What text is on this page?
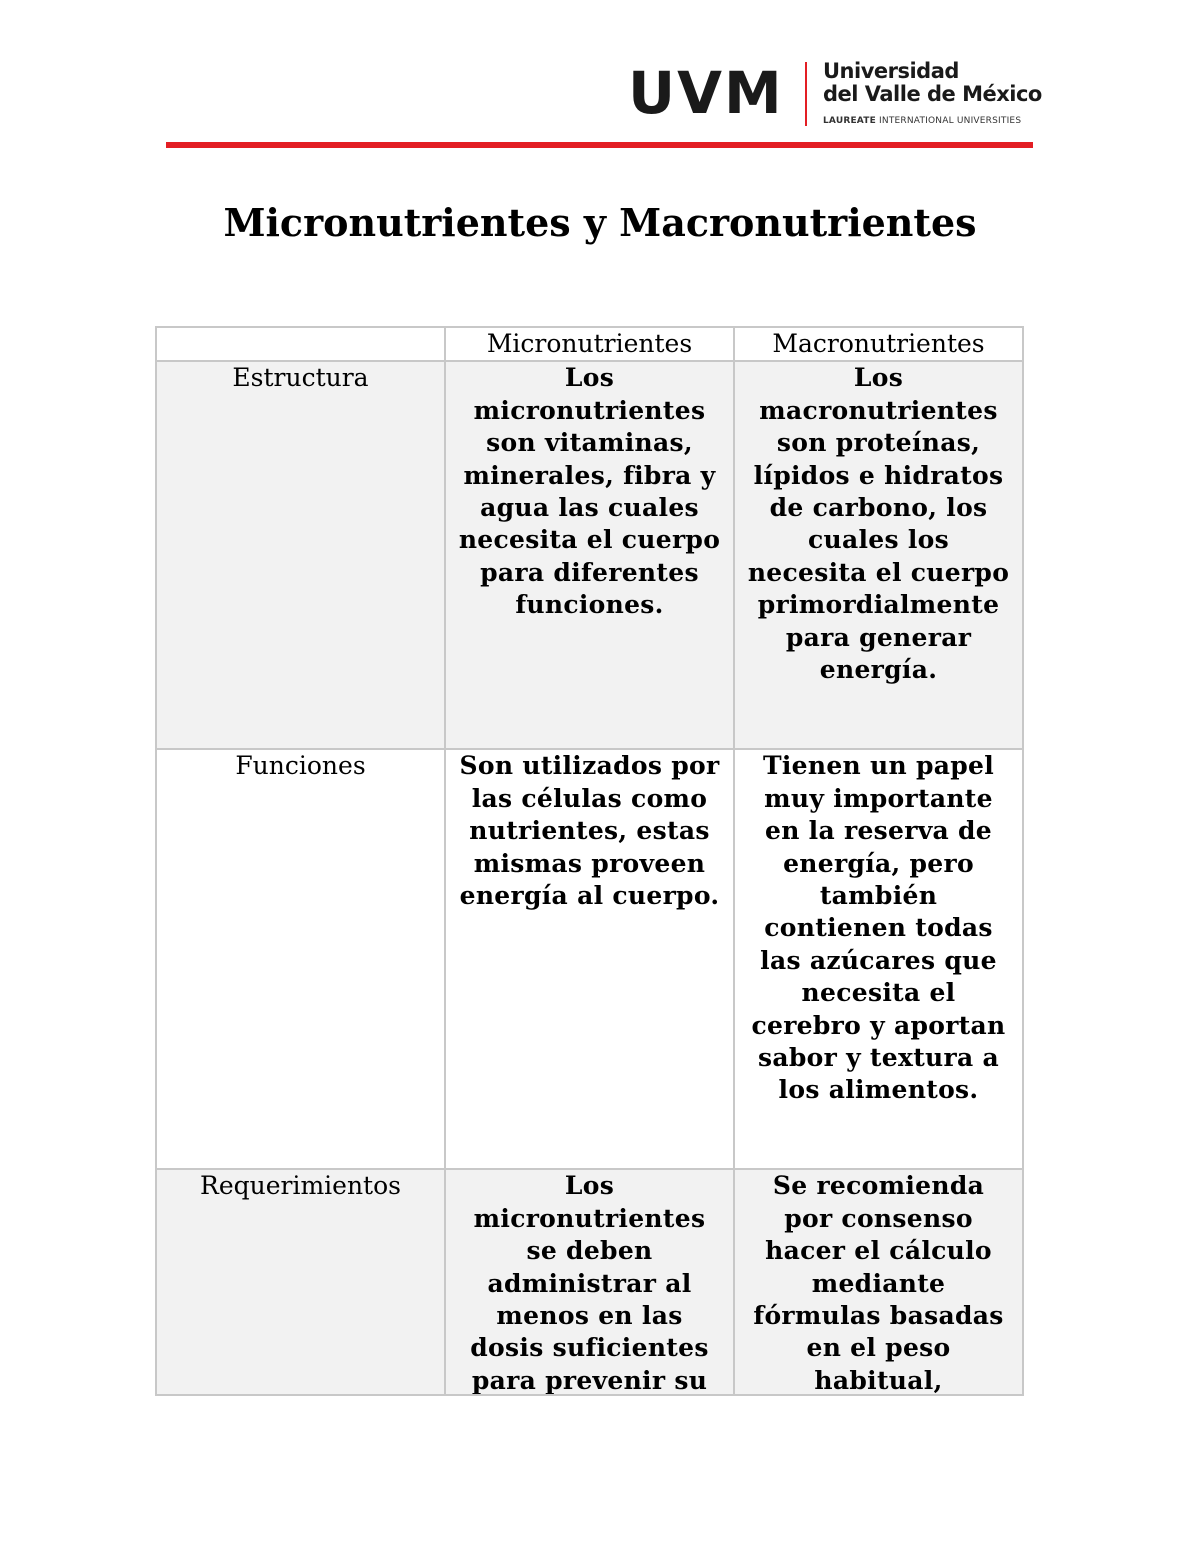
UVM Universidad
del Valle de México
LAUREATE INTERNATIONAL UNIVERSITIES
Micronutrientes y Macronutrientes
	Micronutrientes	Macronutrientes
Estructura	Los micronutrientes son vitaminas, minerales, fibra y agua las cuales necesita el cuerpo para diferentes funciones.	Los macronutrientes son proteínas, lípidos e hidratos de carbono, los cuales los necesita el cuerpo primordialmente para generar energía.
Funciones	Son utilizados por las células como nutrientes, estas mismas proveen energía al cuerpo.	Tienen un papel muy importante en la reserva de energía, pero también contienen todas las azúcares que necesita el cerebro y aportan sabor y textura a los alimentos.

Requerimientos	Los micronutrientes se deben administrar al menos en las dosis suficientes para prevenir su	Se recomienda por consenso hacer el cálculo mediante fórmulas basadas en el peso habitual,
